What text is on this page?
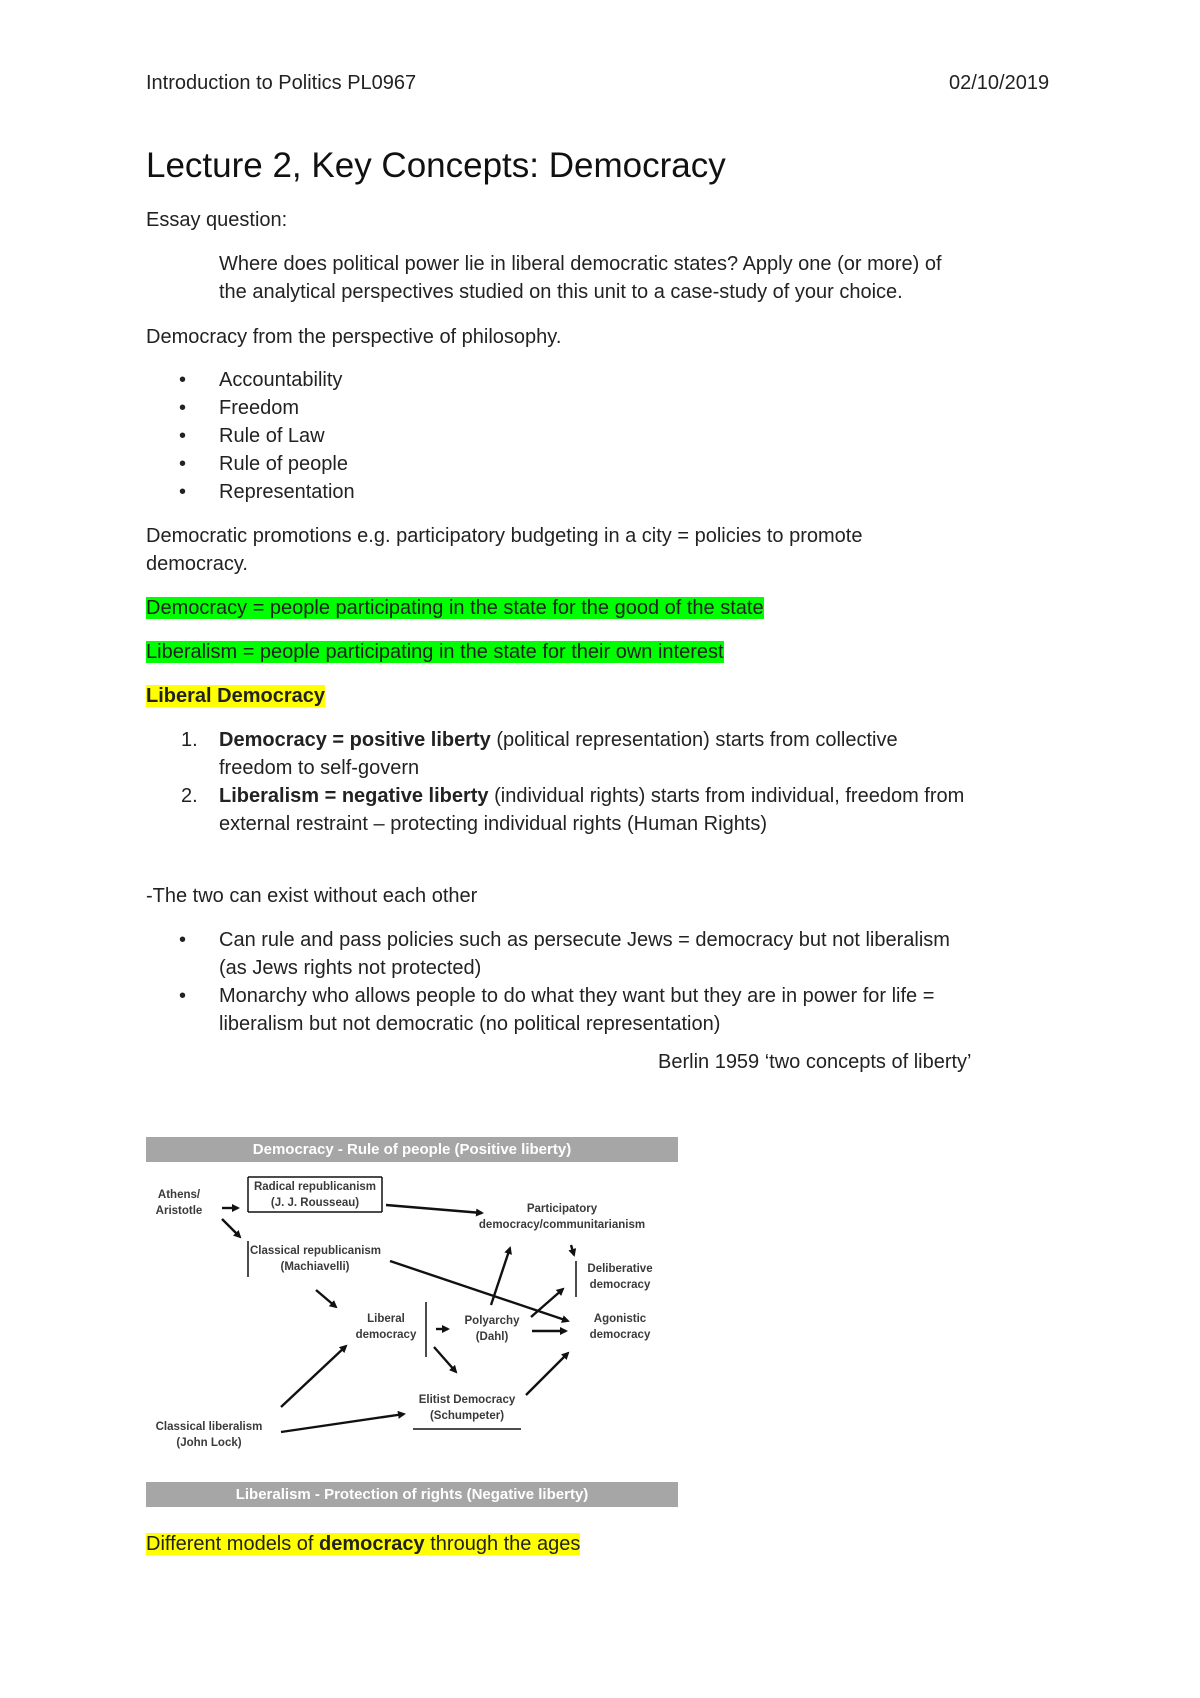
Introduction to Politics PL0967	02/10/2019
Lecture 2, Key Concepts: Democracy
Essay question:
Where does political power lie in liberal democratic states? Apply one (or more) of
the analytical perspectives studied on this unit to a case-study of your choice.
Democracy from the perspective of philosophy.
• Accountability
• Freedom
• Rule of Law
• Rule of people
• Representation
Democratic promotions e.g. participatory budgeting in a city = policies to promote
democracy.
Democracy = people participating in the state for the good of the state
Liberalism = people participating in the state for their own interest
Liberal Democracy
1. Democracy = positive liberty (political representation) starts from collective
freedom to self-govern
2. Liberalism = negative liberty (individual rights) starts from individual, freedom from
external restraint – protecting individual rights (Human Rights)
-The two can exist without each other
• Can rule and pass policies such as persecute Jews = democracy but not liberalism
(as Jews rights not protected)
• Monarchy who allows people to do what they want but they are in power for life =
liberalism but not democratic (no political representation)
Berlin 1959 ‘two concepts of liberty’
Democracy - Rule of people (Positive liberty)
Liberalism - Protection of rights (Negative liberty)
Athens/
Aristotle
Radical republicanism
(J. J. Rousseau)	Participatory
democracy/communitarianism
Classical republicanism
(Machiavelli)	Deliberative
democracy
Liberal
democracy
Polyarchy
(Dahl)
Agonistic
democracy
Elitist Democracy
(Schumpeter)
Classical liberalism
(John Lock)
Different models of democracy through the ages
